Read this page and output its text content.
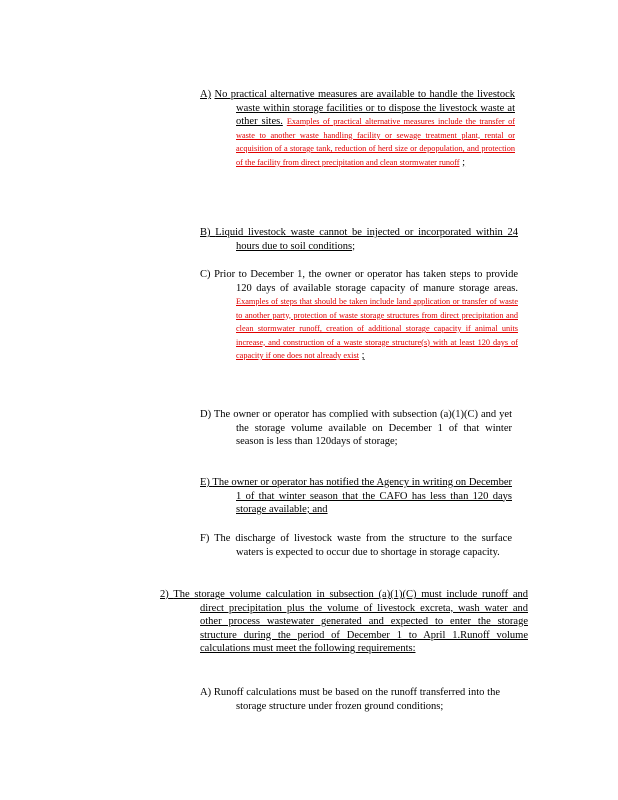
A) No practical alternative measures are available to handle the livestock waste within storage facilities or to dispose the livestock waste at other sites. Examples of practical alternative measures include the transfer of waste to another waste handling facility or sewage treatment plant, rental or acquisition of a storage tank, reduction of herd size or depopulation, and protection of the facility from direct precipitation and clean stormwater runoff ;
B) Liquid livestock waste cannot be injected or incorporated within 24 hours due to soil conditions;
C) Prior to December 1, the owner or operator has taken steps to provide 120 days of available storage capacity of manure storage areas. Examples of steps that should be taken include land application or transfer of waste to another party, protection of waste storage structures from direct precipitation and clean stormwater runoff, creation of additional storage capacity if animal units increase, and construction of a waste storage structure(s) with at least 120 days of capacity if one does not already exist ;
D) The owner or operator has complied with subsection (a)(1)(C) and yet the storage volume available on December 1 of that winter season is less than 120days of storage;
E) The owner or operator has notified the Agency in writing on December 1 of that winter season that the CAFO has less than 120 days storage available; and
F) The discharge of livestock waste from the structure to the surface waters is expected to occur due to shortage in storage capacity.
2) The storage volume calculation in subsection (a)(1)(C) must include runoff and direct precipitation plus the volume of livestock excreta, wash water and other process wastewater generated and expected to enter the storage structure during the period of December 1 to April 1.Runoff volume calculations must meet the following requirements:
A) Runoff calculations must be based on the runoff transferred into the storage structure under frozen ground conditions;
